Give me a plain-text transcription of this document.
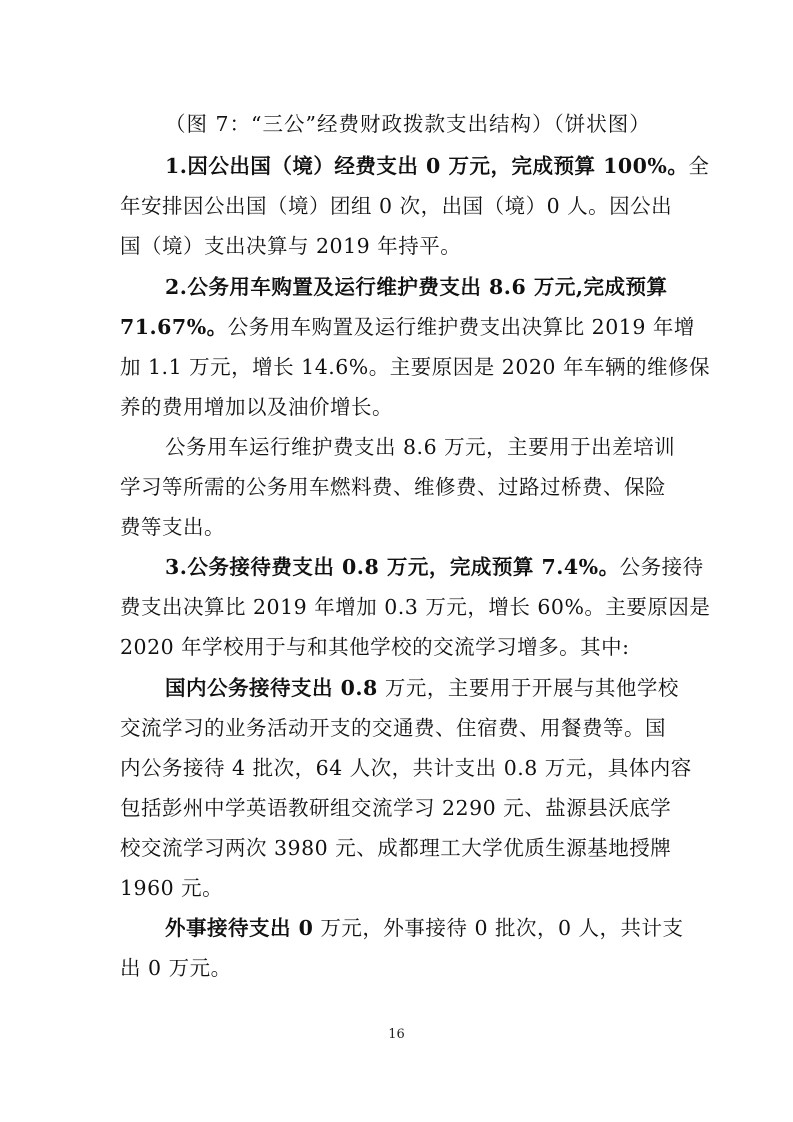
（图 7：“三公”经费财政拨款支出结构）（饼状图）
1.因公出国（境）经费支出 0 万元，完成预算 100%。全
年安排因公出国（境）团组 0 次，出国（境）0 人。因公出
国（境）支出决算与 2019 年持平。
2.公务用车购置及运行维护费支出 8.6 万元,完成预算
71.67%。公务用车购置及运行维护费支出决算比 2019 年增
加 1.1 万元，增长 14.6%。主要原因是 2020 年车辆的维修保
养的费用增加以及油价增长。
公务用车运行维护费支出 8.6 万元，主要用于出差培训
学习等所需的公务用车燃料费、维修费、过路过桥费、保险
费等支出。
3.公务接待费支出 0.8 万元，完成预算 7.4%。公务接待
费支出决算比 2019 年增加 0.3 万元，增长 60%。主要原因是
2020 年学校用于与和其他学校的交流学习增多。其中:
国内公务接待支出 0.8 万元，主要用于开展与其他学校
交流学习的业务活动开支的交通费、住宿费、用餐费等。国
内公务接待 4 批次，64 人次，共计支出 0.8 万元，具体内容
包括彭州中学英语教研组交流学习 2290 元、盐源县沃底学
校交流学习两次 3980 元、成都理工大学优质生源基地授牌
1960 元。
外事接待支出 0 万元，外事接待 0 批次，0 人，共计支
出 0 万元。
16
